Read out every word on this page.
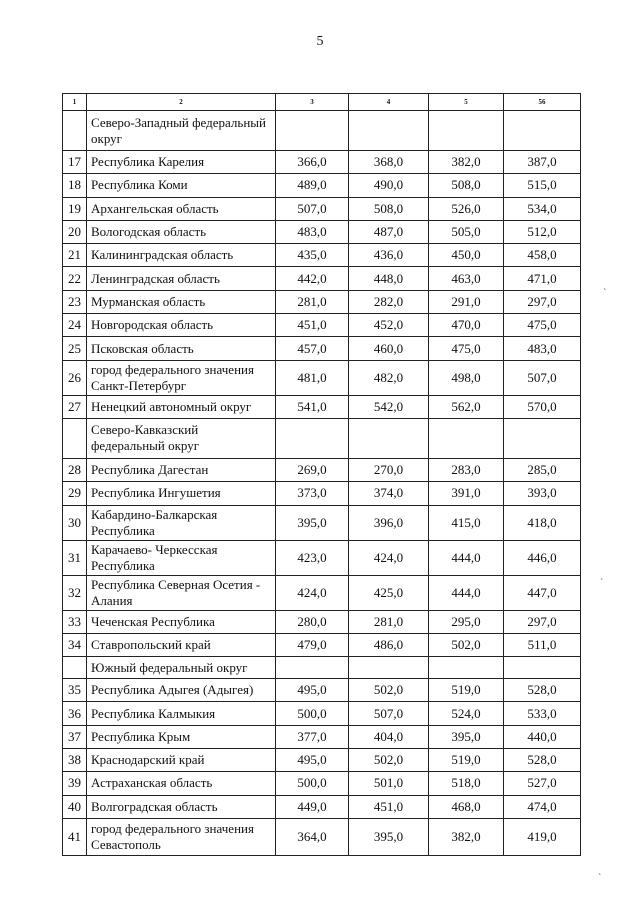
5
1	2	3	4	5	56
	Северо-Западный федеральный округ				
17	Республика Карелия	366,0	368,0	382,0	387,0
18	Республика Коми	489,0	490,0	508,0	515,0
19	Архангельская область	507,0	508,0	526,0	534,0
20	Вологодская область	483,0	487,0	505,0	512,0
21	Калининградская область	435,0	436,0	450,0	458,0
22	Ленинградская область	442,0	448,0	463,0	471,0
23	Мурманская область	281,0	282,0	291,0	297,0
24	Новгородская область	451,0	452,0	470,0	475,0
25	Псковская область	457,0	460,0	475,0	483,0
26	город федерального значения Санкт-Петербург	481,0	482,0	498,0	507,0
27	Ненецкий автономный округ	541,0	542,0	562,0	570,0
	Северо-Кавказский федеральный округ				
28	Республика Дагестан	269,0	270,0	283,0	285,0
29	Республика Ингушетия	373,0	374,0	391,0	393,0
30	Кабардино-Балкарская Республика	395,0	396,0	415,0	418,0
31	Карачаево- Черкесская Республика	423,0	424,0	444,0	446,0
32	Республика Северная Осетия - Алания	424,0	425,0	444,0	447,0
33	Чеченская Республика	280,0	281,0	295,0	297,0
34	Ставропольский край	479,0	486,0	502,0	511,0
	Южный федеральный округ				
35	Республика Адыгея (Адыгея)	495,0	502,0	519,0	528,0
36	Республика Калмыкия	500,0	507,0	524,0	533,0
37	Республика Крым	377,0	404,0	395,0	440,0
38	Краснодарский край	495,0	502,0	519,0	528,0
39	Астраханская область	500,0	501,0	518,0	527,0
40	Волгоградская область	449,0	451,0	468,0	474,0
41	город федерального значения Севастополь	364,0	395,0	382,0	419,0
`
`
`
